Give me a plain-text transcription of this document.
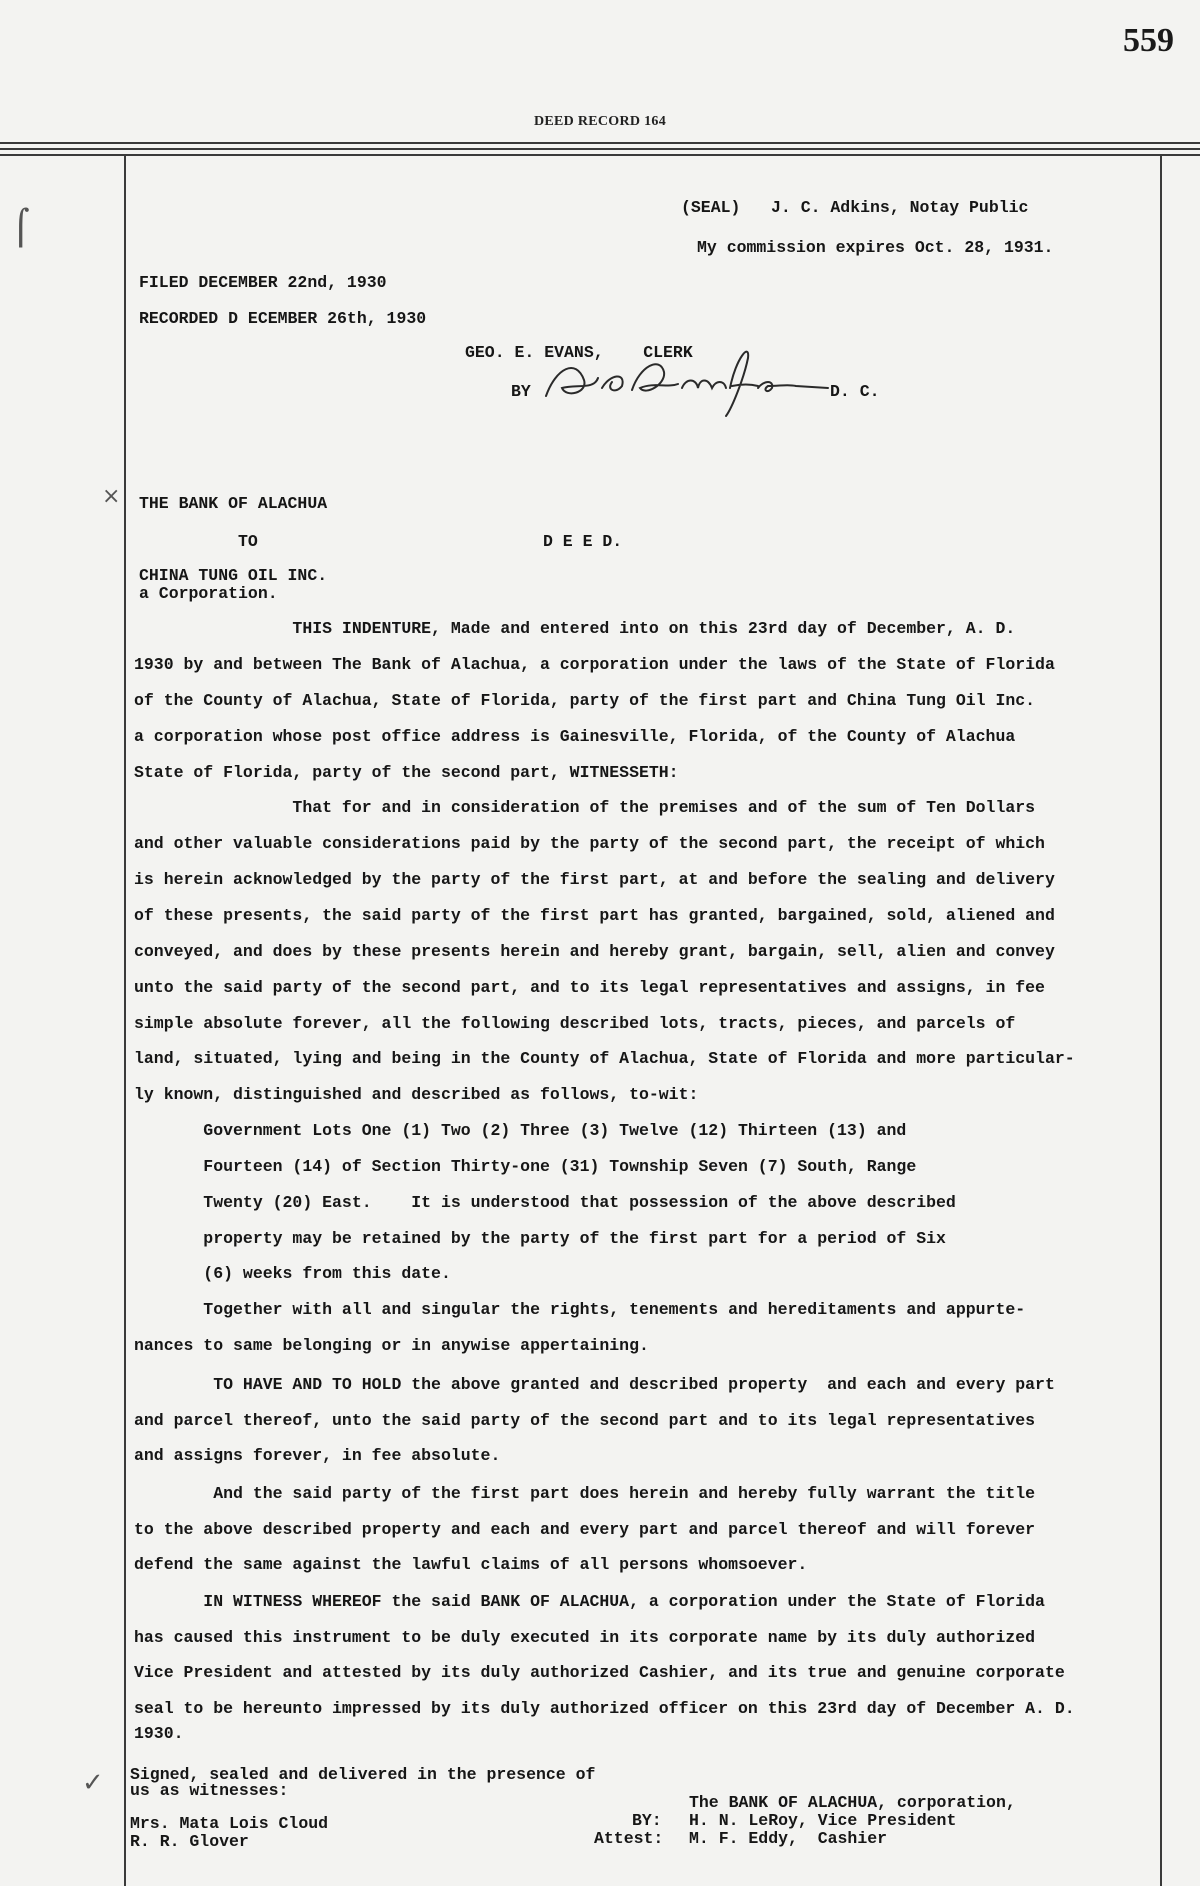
559
DEED RECORD 164
⌠
×
✓
(SEAL) J. C. Adkins, Notay Public
My commission expires Oct. 28, 1931.
FILED DECEMBER 22nd, 1930
RECORDED D ECEMBER 26th, 1930
GEO. E. EVANS,    CLERK
BY	D. C.
THE BANK OF ALACHUA
TO	D E E D.
CHINA TUNG OIL INC.
a Corporation.
THIS INDENTURE, Made and entered into on this 23rd day of December, A. D.
1930 by and between The Bank of Alachua, a corporation under the laws of the State of Florida
of the County of Alachua, State of Florida, party of the first part and China Tung Oil Inc.
a corporation whose post office address is Gainesville, Florida, of the County of Alachua
State of Florida, party of the second part, WITNESSETH:
That for and in consideration of the premises and of the sum of Ten Dollars
and other valuable considerations paid by the party of the second part, the receipt of which
is herein acknowledged by the party of the first part, at and before the sealing and delivery
of these presents, the said party of the first part has granted, bargained, sold, aliened and
conveyed, and does by these presents herein and hereby grant, bargain, sell, alien and convey
unto the said party of the second part, and to its legal representatives and assigns, in fee
simple absolute forever, all the following described lots, tracts, pieces, and parcels of
land, situated, lying and being in the County of Alachua, State of Florida and more particular-
ly known, distinguished and described as follows, to-wit:
Government Lots One (1) Two (2) Three (3) Twelve (12) Thirteen (13) and
Fourteen (14) of Section Thirty-one (31) Township Seven (7) South, Range
Twenty (20) East.    It is understood that possession of the above described
property may be retained by the party of the first part for a period of Six
(6) weeks from this date.
Together with all and singular the rights, tenements and hereditaments and appurte-
nances to same belonging or in anywise appertaining.
TO HAVE AND TO HOLD the above granted and described property  and each and every part
and parcel thereof, unto the said party of the second part and to its legal representatives
and assigns forever, in fee absolute.
And the said party of the first part does herein and hereby fully warrant the title
to the above described property and each and every part and parcel thereof and will forever
defend the same against the lawful claims of all persons whomsoever.
IN WITNESS WHEREOF the said BANK OF ALACHUA, a corporation under the State of Florida
has caused this instrument to be duly executed in its corporate name by its duly authorized
Vice President and attested by its duly authorized Cashier, and its true and genuine corporate
seal to be hereunto impressed by its duly authorized officer on this 23rd day of December A. D.
1930.
Signed, sealed and delivered in the presence of
us as witnesses:
Mrs. Mata Lois Cloud
R. R. Glover
The BANK OF ALACHUA, corporation,
BY: H. N. LeRoy, Vice President
Attest: M. F. Eddy,  Cashier
